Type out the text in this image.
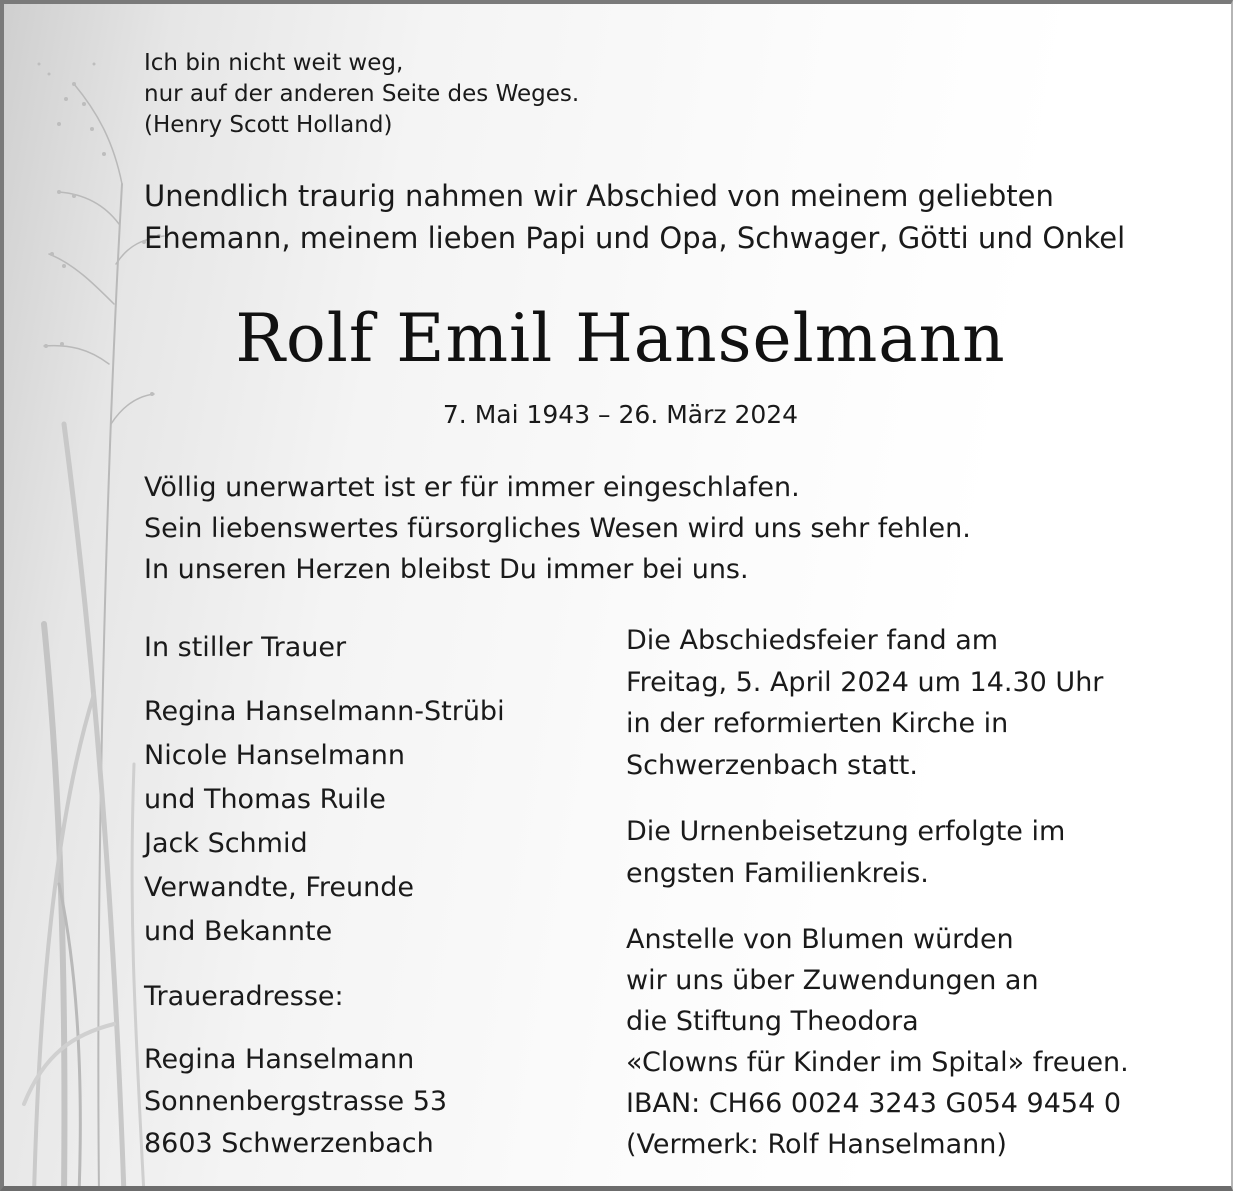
Ich bin nicht weit weg,
nur auf der anderen Seite des Weges.
(Henry Scott Holland)
Unendlich traurig nahmen wir Abschied von meinem geliebten
Ehemann, meinem lieben Papi und Opa, Schwager, Götti und Onkel
Rolf Emil Hanselmann
7. Mai 1943 – 26. März 2024
Völlig unerwartet ist er für immer eingeschlafen.
Sein liebenswertes fürsorgliches Wesen wird uns sehr fehlen.
In unseren Herzen bleibst Du immer bei uns.
In stiller Trauer
Regina Hanselmann-Strübi
Nicole Hanselmann
und Thomas Ruile
Jack Schmid
Verwandte, Freunde
und Bekannte
Traueradresse:
Regina Hanselmann
Sonnenbergstrasse 53
8603 Schwerzenbach
Die Abschiedsfeier fand am
Freitag, 5. April 2024 um 14.30 Uhr
in der reformierten Kirche in
Schwerzenbach statt.
Die Urnenbeisetzung erfolgte im
engsten Familienkreis.
Anstelle von Blumen würden
wir uns über Zuwendungen an
die Stiftung Theodora
«Clowns für Kinder im Spital» freuen.
IBAN: CH66 0024 3243 G054 9454 0
(Vermerk: Rolf Hanselmann)
